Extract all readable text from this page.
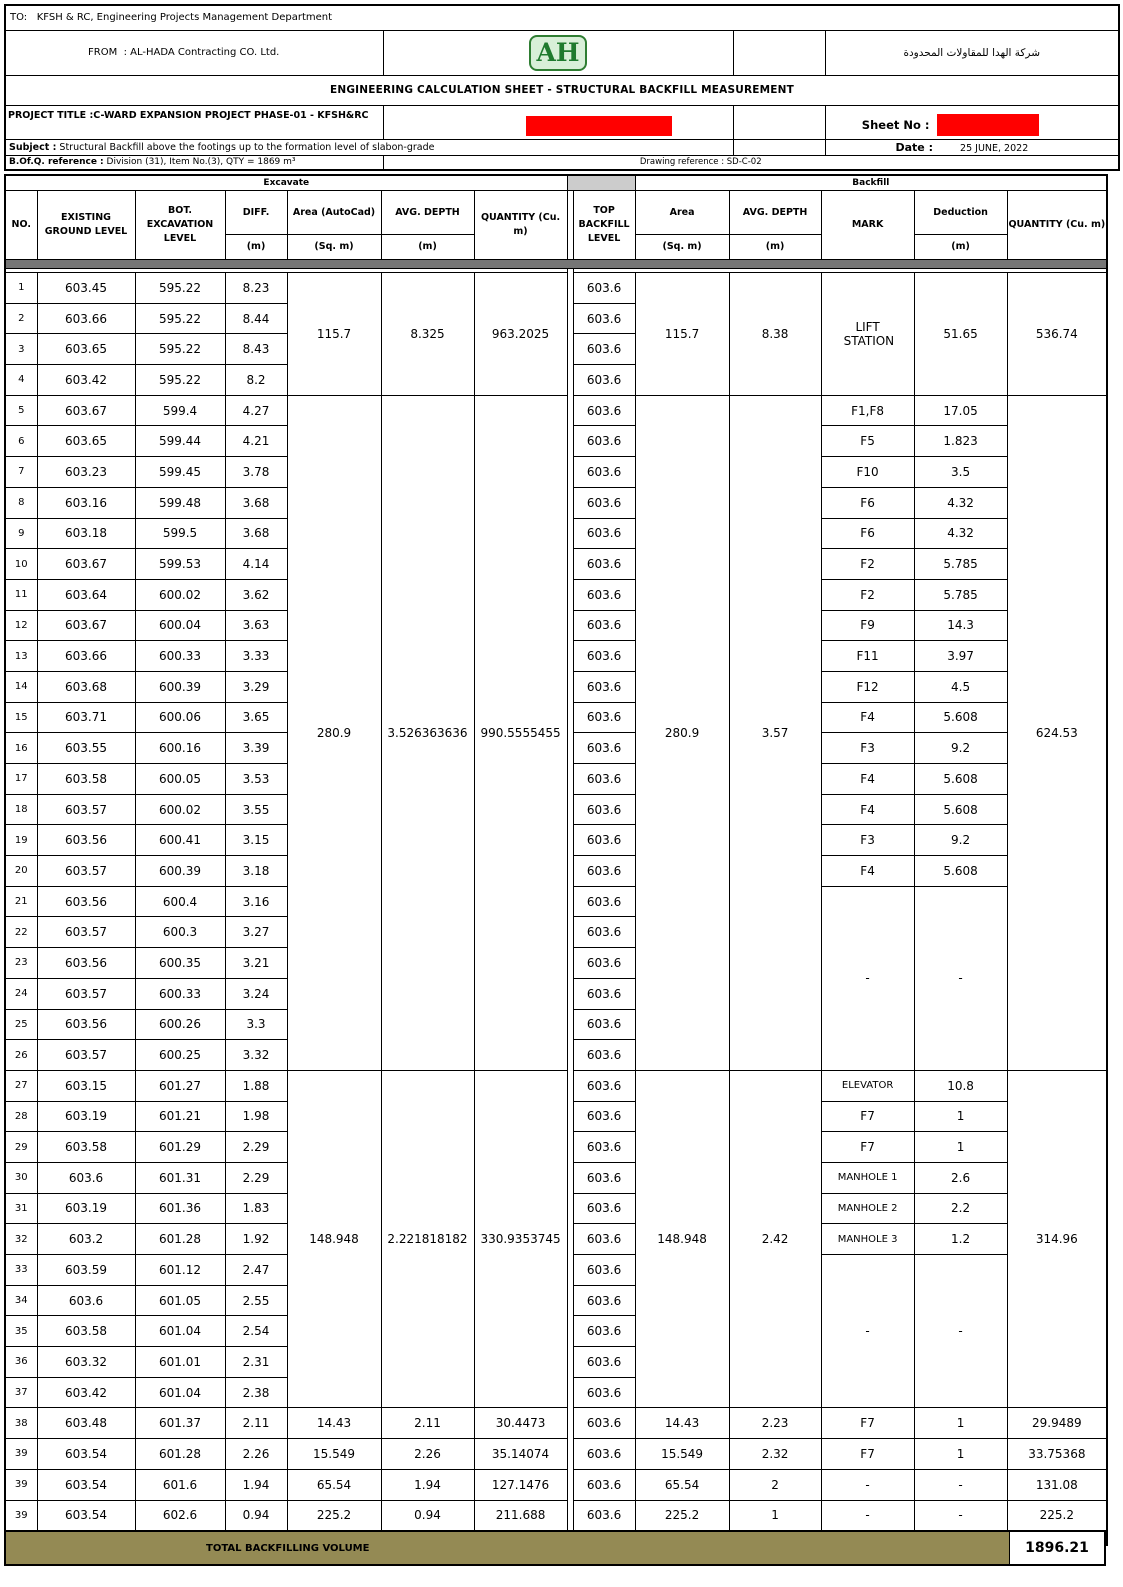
TO: KFSH & RC, Engineering Projects Management Department			
FROM : AL-HADA Contracting CO. Ltd.	AH		شركة الهدا للمقاولات المحدودة
ENGINEERING CALCULATION SHEET - STRUCTURAL BACKFILL MEASUREMENT			
PROJECT TITLE :C-WARD EXPANSION PROJECT PHASE-01 - KFSH&RC			Sheet No :
Subject : Structural Backfill above the footings up to the formation level of slabon-grade			Date : 25 JUNE, 2022
B.Of.Q. reference : Division (31), Item No.(3), QTY = 1869 m³	Drawing reference : SD-C-02		
Excavate									Backfill				
NO.	EXISTING GROUND LEVEL	BOT. EXCAVATION LEVEL	DIFF.	Area (AutoCad)	AVG. DEPTH	QUANTITY (Cu. m)		TOP BACKFILL LEVEL	Area	AVG. DEPTH	MARK	Deduction	QUANTITY (Cu. m)
			(m)	(Sq. m)	(m)				(Sq. m)	(m)		(m)	

1	603.45	595.22	8.23	115.7	8.325	963.2025		603.6	115.7	8.38	LIFT STATION	51.65	536.74
2	603.66	595.22	8.44					603.6					
3	603.65	595.22	8.43					603.6					
4	603.42	595.22	8.2					603.6					
5	603.67	599.4	4.27	280.9	3.526363636	990.5555455		603.6	280.9	3.57	F1,F8	17.05	624.53
6	603.65	599.44	4.21					603.6			F5	1.823	
7	603.23	599.45	3.78					603.6			F10	3.5	
8	603.16	599.48	3.68					603.6			F6	4.32	
9	603.18	599.5	3.68					603.6			F6	4.32	
10	603.67	599.53	4.14					603.6			F2	5.785	
11	603.64	600.02	3.62					603.6			F2	5.785	
12	603.67	600.04	3.63					603.6			F9	14.3	
13	603.66	600.33	3.33					603.6			F11	3.97	
14	603.68	600.39	3.29					603.6			F12	4.5	
15	603.71	600.06	3.65					603.6			F4	5.608	
16	603.55	600.16	3.39					603.6			F3	9.2	
17	603.58	600.05	3.53					603.6			F4	5.608	
18	603.57	600.02	3.55					603.6			F4	5.608	
19	603.56	600.41	3.15					603.6			F3	9.2	
20	603.57	600.39	3.18					603.6			F4	5.608	
21	603.56	600.4	3.16					603.6			-	-	
22	603.57	600.3	3.27					603.6					
23	603.56	600.35	3.21					603.6					
24	603.57	600.33	3.24					603.6					
25	603.56	600.26	3.3					603.6					
26	603.57	600.25	3.32					603.6					
27	603.15	601.27	1.88	148.948	2.221818182	330.9353745		603.6	148.948	2.42	ELEVATOR	10.8	314.96
28	603.19	601.21	1.98					603.6			F7	1	
29	603.58	601.29	2.29					603.6			F7	1	
30	603.6	601.31	2.29					603.6			MANHOLE 1	2.6	
31	603.19	601.36	1.83					603.6			MANHOLE 2	2.2	
32	603.2	601.28	1.92					603.6			MANHOLE 3	1.2	
33	603.59	601.12	2.47					603.6			-	-	
34	603.6	601.05	2.55					603.6					
35	603.58	601.04	2.54					603.6					
36	603.32	601.01	2.31					603.6					
37	603.42	601.04	2.38					603.6					
38	603.48	601.37	2.11	14.43	2.11	30.4473		603.6	14.43	2.23	F7	1	29.9489
39	603.54	601.28	2.26	15.549	2.26	35.14074		603.6	15.549	2.32	F7	1	33.75368
39	603.54	601.6	1.94	65.54	1.94	127.1476		603.6	65.54	2	-	-	131.08
39	603.54	602.6	0.94	225.2	0.94	211.688		603.6	225.2	1	-	-	225.2

TOTAL BACKFILLING VOLUME	1896.21
